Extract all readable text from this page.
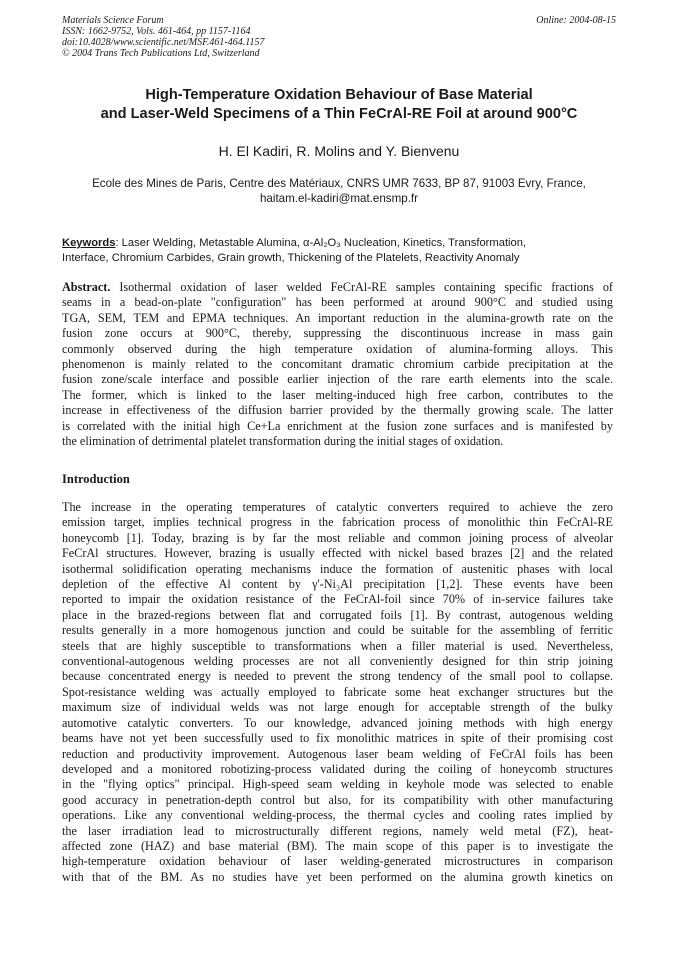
Materials Science Forum
ISSN: 1662-9752, Vols. 461-464, pp 1157-1164
doi:10.4028/www.scientific.net/MSF.461-464.1157
© 2004 Trans Tech Publications Ltd, Switzerland
Online: 2004-08-15
High-Temperature Oxidation Behaviour of Base Material
and Laser-Weld Specimens of a Thin FeCrAl-RE Foil at around 900°C
H. El Kadiri, R. Molins and Y. Bienvenu
Ecole des Mines de Paris, Centre des Matériaux, CNRS UMR 7633, BP 87, 91003 Evry, France,
haitam.el-kadiri@mat.ensmp.fr
Keywords: Laser Welding, Metastable Alumina, α-Al₂O₃ Nucleation, Kinetics, Transformation,
Interface, Chromium Carbides, Grain growth, Thickening of the Platelets, Reactivity Anomaly
Abstract. Isothermal oxidation of laser welded FeCrAl-RE samples containing specific fractions of
seams in a bead-on-plate "configuration" has been performed at around 900°C and studied using
TGA, SEM, TEM and EPMA techniques. An important reduction in the alumina-growth rate on the
fusion zone occurs at 900°C, thereby, suppressing the discontinuous increase in mass gain
commonly observed during the high temperature oxidation of alumina-forming alloys. This
phenomenon is mainly related to the concomitant dramatic chromium carbide precipitation at the
fusion zone/scale interface and possible earlier injection of the rare earth elements into the scale.
The former, which is linked to the laser melting-induced high free carbon, contributes to the
increase in effectiveness of the diffusion barrier provided by the thermally growing scale. The latter
is correlated with the initial high Ce+La enrichment at the fusion zone surfaces and is manifested by
the elimination of detrimental platelet transformation during the initial stages of oxidation.
Introduction
The increase in the operating temperatures of catalytic converters required to achieve the zero
emission target, implies technical progress in the fabrication process of monolithic thin FeCrAl-RE
honeycomb [1]. Today, brazing is by far the most reliable and common joining process of alveolar
FeCrAl structures. However, brazing is usually effected with nickel based brazes [2] and the related
isothermal solidification operating mechanisms induce the formation of austenitic phases with local
depletion of the effective Al content by γ'-Ni₃Al precipitation [1,2]. These events have been
reported to impair the oxidation resistance of the FeCrAl-foil since 70% of in-service failures take
place in the brazed-regions between flat and corrugated foils [1]. By contrast, autogenous welding
results generally in a more homogenous junction and could be suitable for the assembling of ferritic
steels that are highly susceptible to transformations when a filler material is used. Nevertheless,
conventional-autogenous welding processes are not all conveniently designed for thin strip joining
because concentrated energy is needed to prevent the strong tendency of the small pool to collapse.
Spot-resistance welding was actually employed to fabricate some heat exchanger structures but the
maximum size of individual welds was not large enough for acceptable strength of the bulky
automotive catalytic converters. To our knowledge, advanced joining methods with high energy
beams have not yet been successfully used to fix monolithic matrices in spite of their promising cost
reduction and productivity improvement. Autogenous laser beam welding of FeCrAl foils has been
developed and a monitored robotizing-process validated during the coiling of honeycomb structures
in the "flying optics" principal. High-speed seam welding in keyhole mode was selected to enable
good accuracy in penetration-depth control but also, for its compatibility with other manufacturing
operations. Like any conventional welding-process, the thermal cycles and cooling rates implied by
the laser irradiation lead to microstructurally different regions, namely weld metal (FZ), heat-
affected zone (HAZ) and base material (BM). The main scope of this paper is to investigate the
high-temperature oxidation behaviour of laser welding-generated microstructures in comparison
with that of the BM. As no studies have yet been performed on the alumina growth kinetics on
